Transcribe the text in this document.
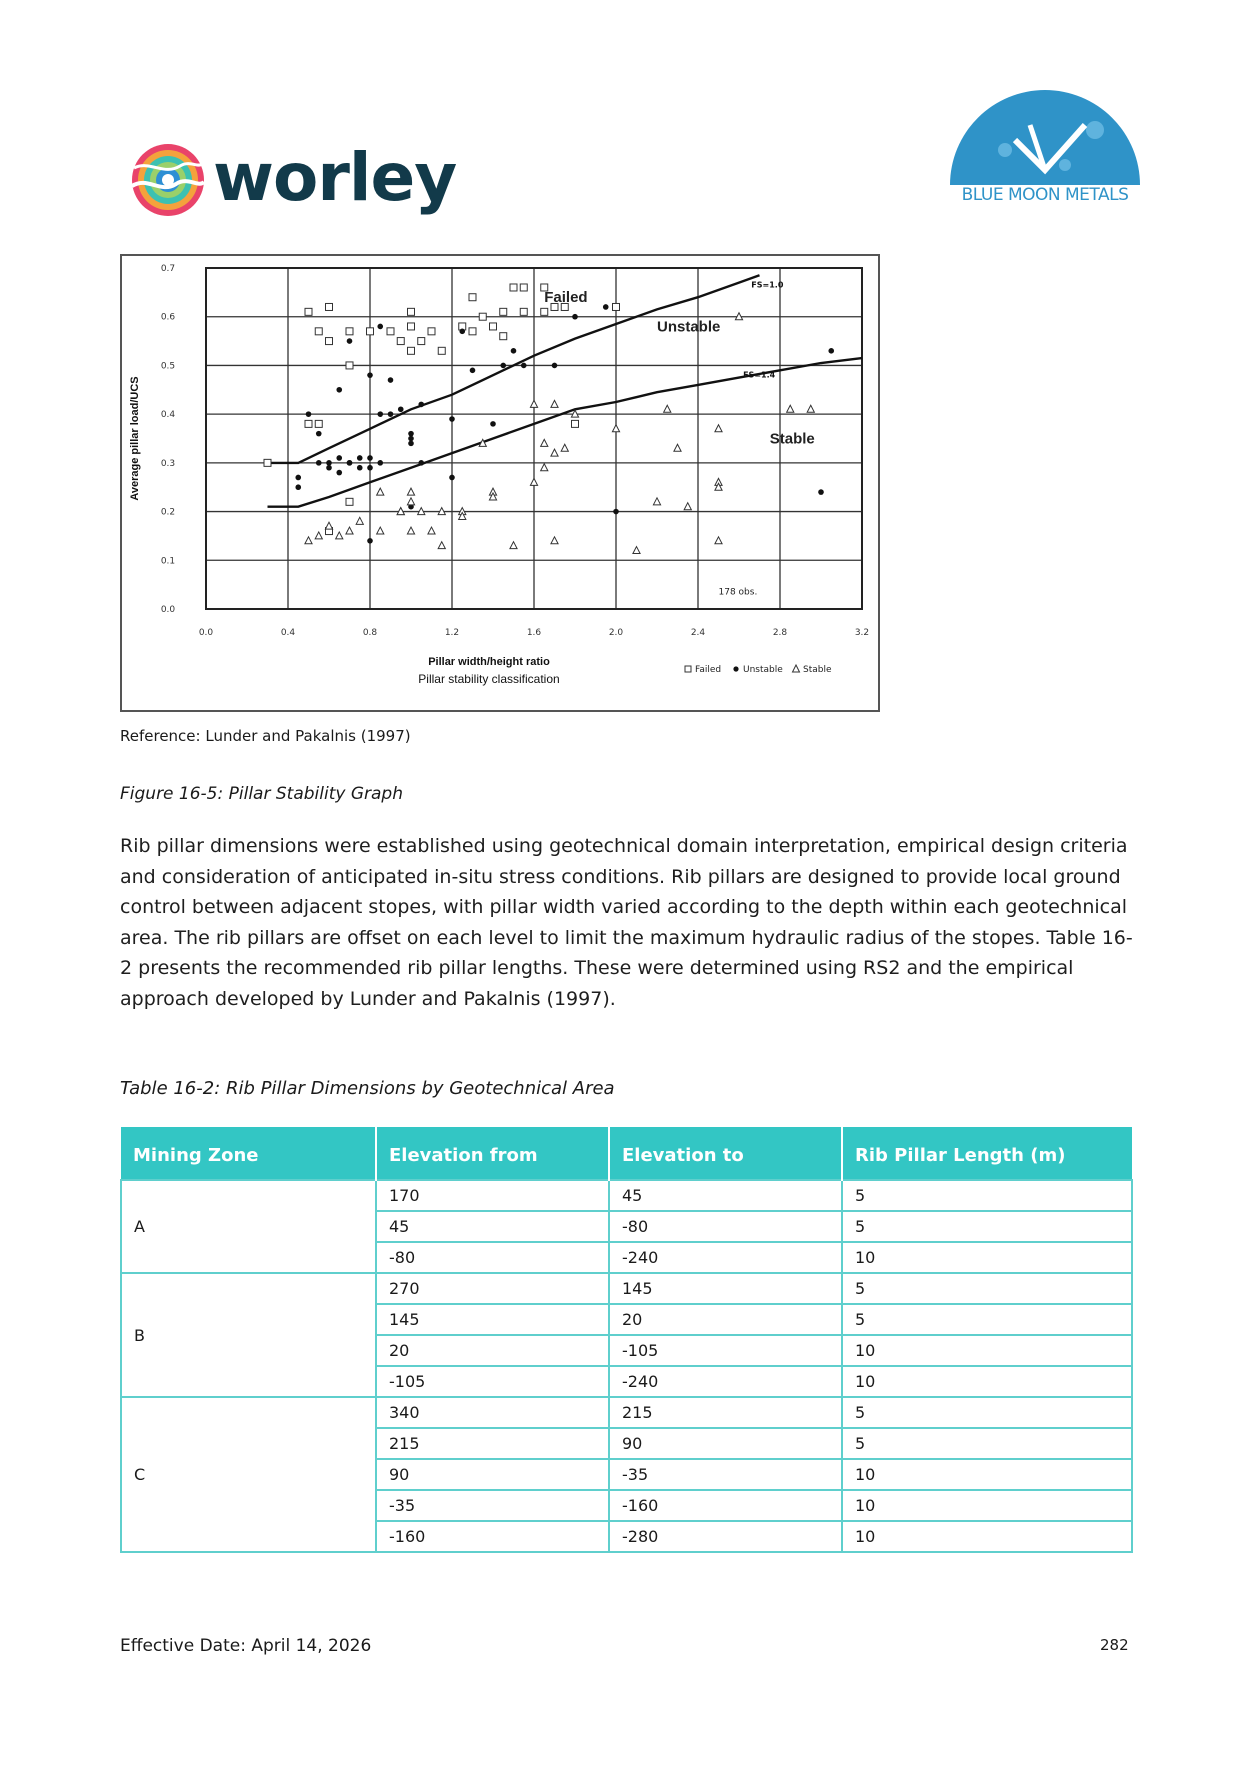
worley	BLUE MOON METALS
0.0	0.4	0.8	1.2	1.6	2.0	2.4	2.8	3.2
0.0
0.1
0.2
0.3
0.4
0.5
0.6
0.7
FS=1.0
FS=1.4
Failed
Unstable
Stable
178 obs.
Pillar width/height ratio
Pillar stability classification
Average pillar load/UCS
Failed Unstable Stable
Reference: Lunder and Pakalnis (1997)
Figure 16-5: Pillar Stability Graph
Rib pillar dimensions were established using geotechnical domain interpretation, empirical design criteria and consideration of anticipated in-situ stress conditions. Rib pillars are designed to provide local ground control between adjacent stopes, with pillar width varied according to the depth within each geotechnical area. The rib pillars are offset on each level to limit the maximum hydraulic radius of the stopes. Table 16-2 presents the recommended rib pillar lengths. These were determined using RS2 and the empirical approach developed by Lunder and Pakalnis (1997).
Table 16-2: Rib Pillar Dimensions by Geotechnical Area
Mining Zone	Elevation from	Elevation to	Rib Pillar Length (m)
A	170	45	5
	45	-80	5
	-80	-240	10
B	270	145	5
	145	20	5
	20	-105	10
	-105	-240	10
C	340	215	5
	215	90	5
	90	-35	10
	-35	-160	10
	-160	-280	10
Effective Date: April 14, 2026	282
